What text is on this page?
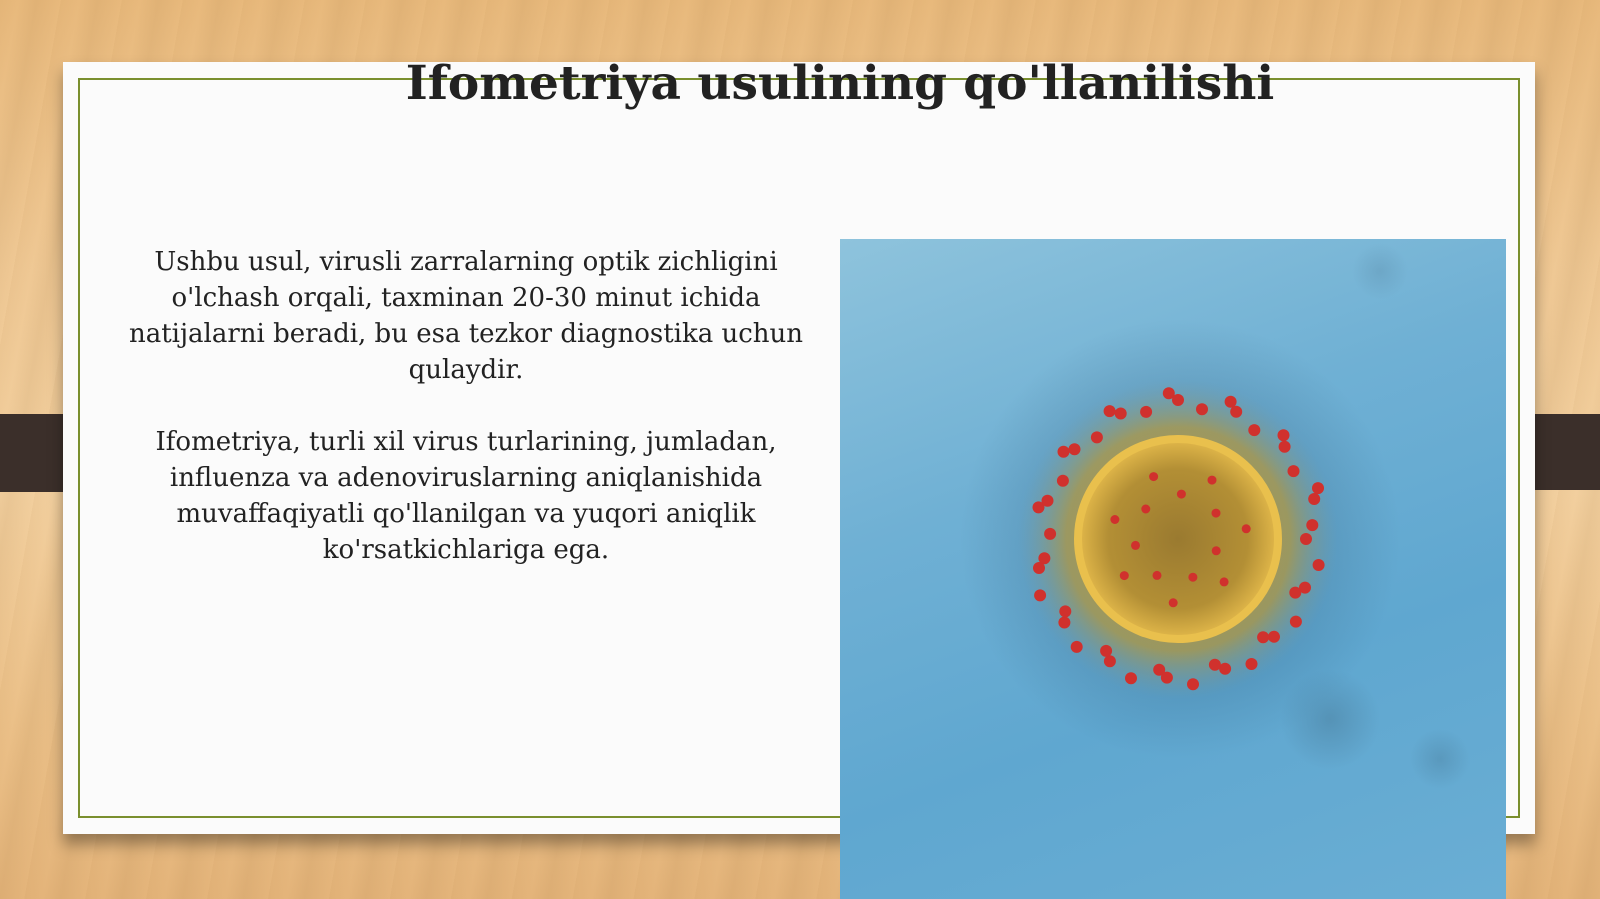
Ifometriya usulining qo'llanilishi

Ushbu usul, virusli zarralarning optik zichligini o'lchash orqali, taxminan 20-30 minut ichida natijalarni beradi, bu esa tezkor diagnostika uchun qulaydir.

Ifometriya, turli xil virus turlarining, jumladan, influenza va adenoviruslarning aniqlanishida muvaffaqiyatli qo'llanilgan va yuqori aniqlik ko'rsatkichlariga ega.
